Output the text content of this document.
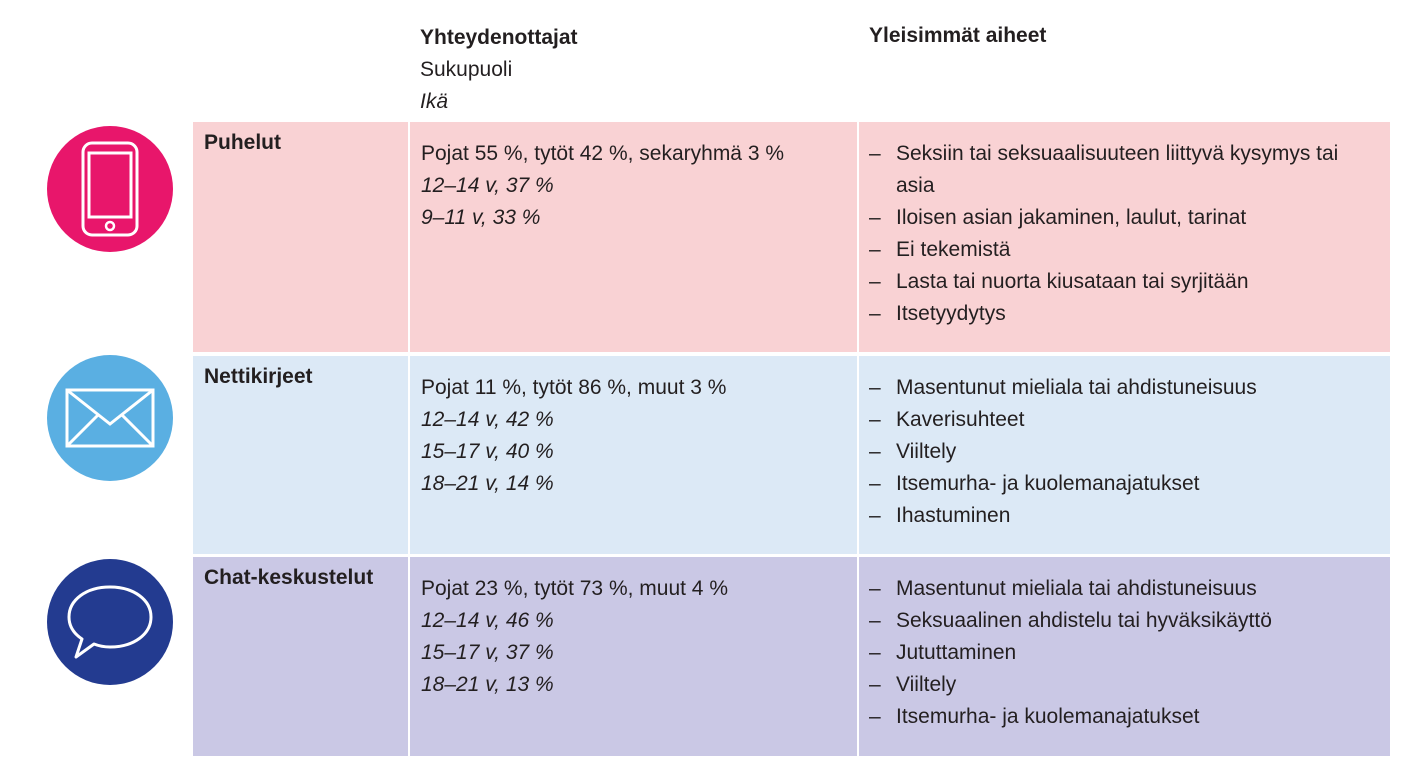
Yhteydenottajat
Sukupuoli
Ikä
Yleisimmät aiheet
Puhelut	Pojat 55 %, tytöt 42 %, sekaryhmä 3 %
12–14 v, 37 %
9–11 v, 33 %
– Seksiin tai seksuaalisuuteen liittyvä kysymys tai asia
– Iloisen asian jakaminen, laulut, tarinat
– Ei tekemistä
– Lasta tai nuorta kiusataan tai syrjitään
– Itsetyydytys
Nettikirjeet	Pojat 11 %, tytöt 86 %, muut 3 %
12–14 v, 42 %
15–17 v, 40 %
18–21 v, 14 %
– Masentunut mieliala tai ahdistuneisuus
– Kaverisuhteet
– Viiltely
– Itsemurha- ja kuolemanajatukset
– Ihastuminen
Chat-keskustelut	Pojat 23 %, tytöt 73 %, muut 4 %
12–14 v, 46 %
15–17 v, 37 %
18–21 v, 13 %
– Masentunut mieliala tai ahdistuneisuus
– Seksuaalinen ahdistelu tai hyväksikäyttö
– Jututtaminen
– Viiltely
– Itsemurha- ja kuolemanajatukset
